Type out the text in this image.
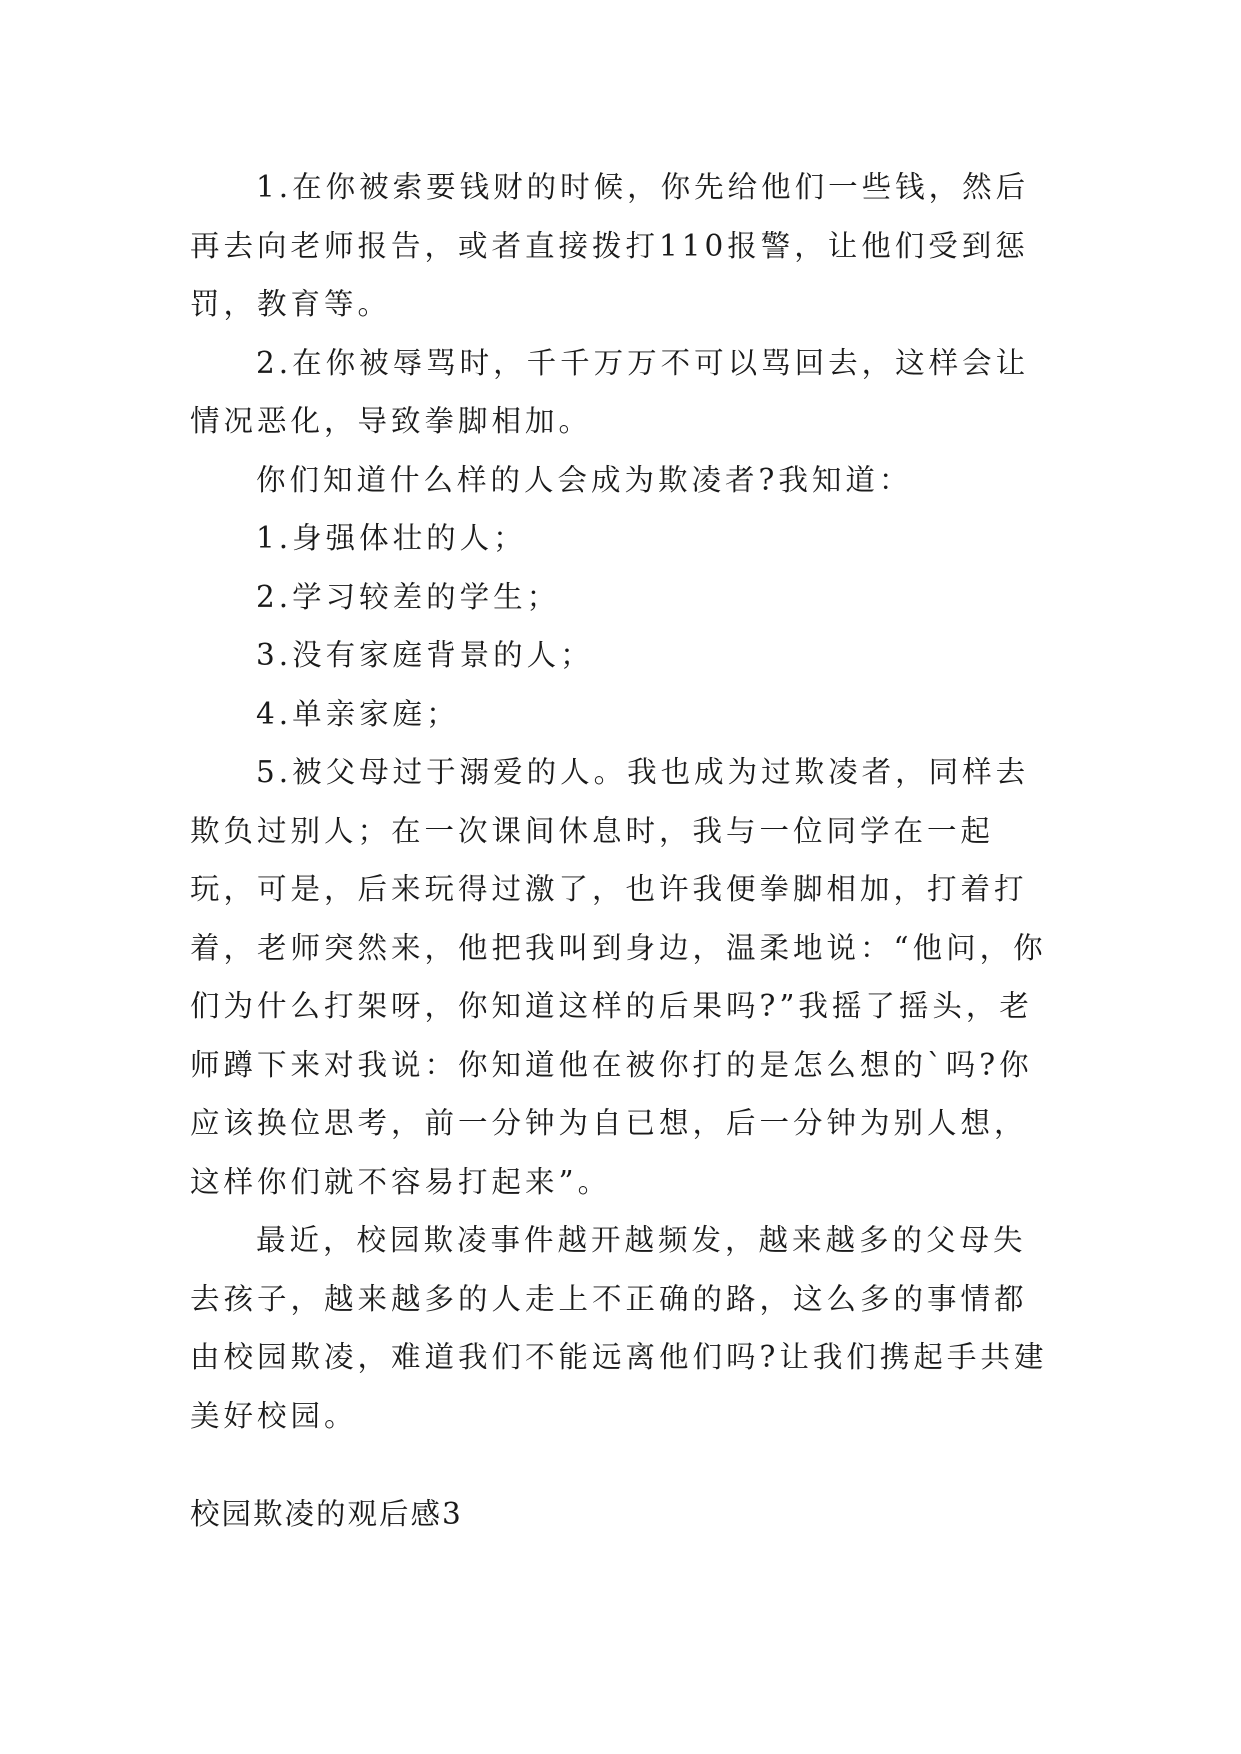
1.在你被索要钱财的时候，你先给他们一些钱，然后再去向老师报告，或者直接拨打110报警，让他们受到惩罚，教育等。

2.在你被辱骂时，千千万万不可以骂回去，这样会让情况恶化，导致拳脚相加。

你们知道什么样的人会成为欺凌者?我知道：

1.身强体壮的人；

2.学习较差的学生；

3.没有家庭背景的人；

4.单亲家庭；

5.被父母过于溺爱的人。我也成为过欺凌者，同样去欺负过别人；在一次课间休息时，我与一位同学在一起玩，可是，后来玩得过激了，也许我便拳脚相加，打着打着，老师突然来，他把我叫到身边，温柔地说：“他问，你们为什么打架呀，你知道这样的后果吗?”我摇了摇头，老师蹲下来对我说：你知道他在被你打的是怎么想的`吗?你应该换位思考，前一分钟为自已想，后一分钟为别人想，这样你们就不容易打起来”。

最近，校园欺凌事件越开越频发，越来越多的父母失去孩子，越来越多的人走上不正确的路，这么多的事情都由校园欺凌，难道我们不能远离他们吗?让我们携起手共建美好校园。

校园欺凌的观后感3
